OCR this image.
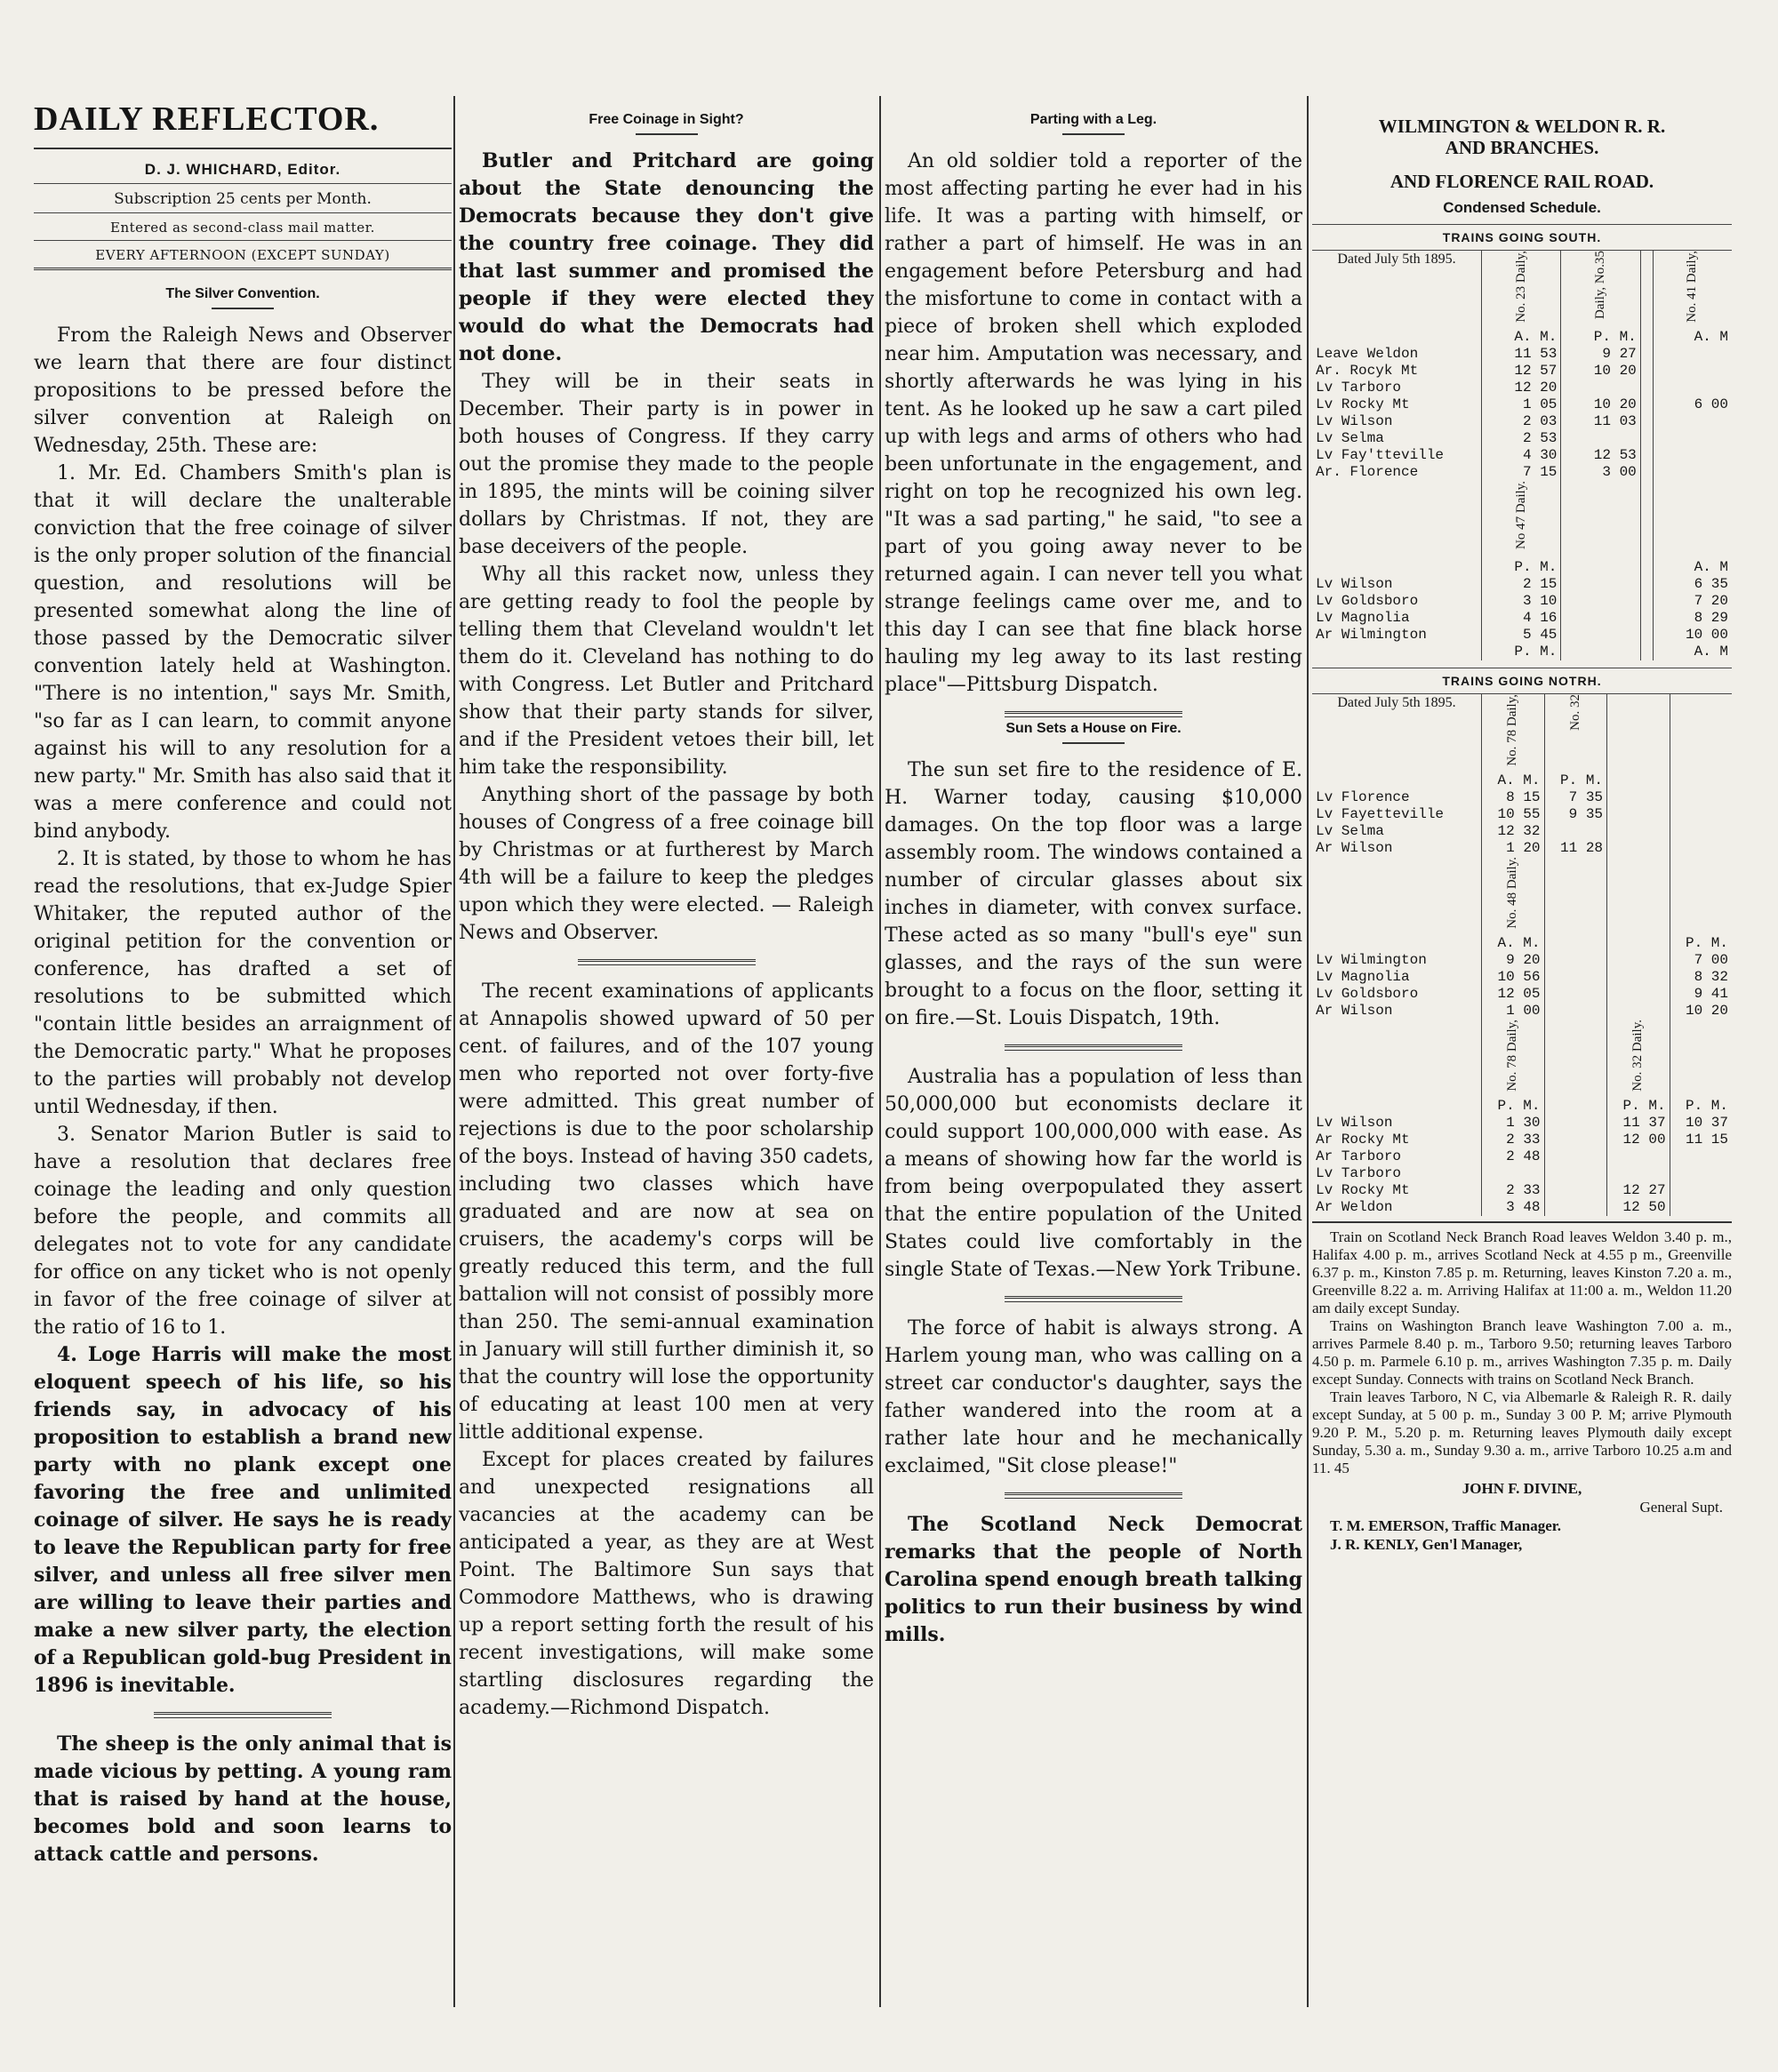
DAILY REFLECTOR.
D. J. WHICHARD, Editor.
Subscription 25 cents per Month.
Entered as second-class mail matter.
EVERY AFTERNOON (EXCEPT SUNDAY)
The Silver Convention.

From the Raleigh News and Observer we learn that there are four distinct propositions to be pressed before the silver convention at Raleigh on Wednesday, 25th. These are:

1. Mr. Ed. Chambers Smith's plan is that it will declare the unalterable conviction that the free coinage of silver is the only proper solution of the financial question, and resolutions will be presented somewhat along the line of those passed by the Democratic silver convention lately held at Washington. "There is no intention," says Mr. Smith, "so far as I can learn, to commit anyone against his will to any resolution for a new party." Mr. Smith has also said that it was a mere conference and could not bind anybody.

2. It is stated, by those to whom he has read the resolutions, that ex-Judge Spier Whitaker, the reputed author of the original petition for the convention or conference, has drafted a set of resolutions to be submitted which "contain little besides an arraignment of the Democratic party." What he proposes to the parties will probably not develop until Wednesday, if then.

3. Senator Marion Butler is said to have a resolution that declares free coinage the leading and only question before the people, and commits all delegates not to vote for any candidate for office on any ticket who is not openly in favor of the free coinage of silver at the ratio of 16 to 1.

4. Loge Harris will make the most eloquent speech of his life, so his friends say, in advocacy of his proposition to establish a brand new party with no plank except one favoring the free and unlimited coinage of silver. He says he is ready to leave the Republican party for free silver, and unless all free silver men are willing to leave their parties and make a new silver party, the election of a Republican gold-bug President in 1896 is inevitable.

The sheep is the only animal that is made vicious by petting. A young ram that is raised by hand at the house, becomes bold and soon learns to attack cattle and persons.

Free Coinage in Sight?

Butler and Pritchard are going about the State denouncing the Democrats because they don't give the country free coinage. They did that last summer and promised the people if they were elected they would do what the Democrats had not done.

They will be in their seats in December. Their party is in power in both houses of Congress. If they carry out the promise they made to the people in 1895, the mints will be coining silver dollars by Christmas. If not, they are base deceivers of the people.

Why all this racket now, unless they are getting ready to fool the people by telling them that Cleveland wouldn't let them do it. Cleveland has nothing to do with Congress. Let Butler and Pritchard show that their party stands for silver, and if the President vetoes their bill, let him take the responsibility.

Anything short of the passage by both houses of Congress of a free coinage bill by Christmas or at furtherest by March 4th will be a failure to keep the pledges upon which they were elected. — Raleigh News and Observer.

The recent examinations of applicants at Annapolis showed upward of 50 per cent. of failures, and of the 107 young men who reported not over forty-five were admitted. This great number of rejections is due to the poor scholarship of the boys. Instead of having 350 cadets, including two classes which have graduated and are now at sea on cruisers, the academy's corps will be greatly reduced this term, and the full battalion will not consist of possibly more than 250. The semi-annual examination in January will still further diminish it, so that the country will lose the opportunity of educating at least 100 men at very little additional expense.

Except for places created by failures and unexpected resignations all vacancies at the academy can be anticipated a year, as they are at West Point. The Baltimore Sun says that Commodore Matthews, who is drawing up a report setting forth the result of his recent investigations, will make some startling disclosures regarding the academy.—Richmond Dispatch.

Parting with a Leg.

An old soldier told a reporter of the most affecting parting he ever had in his life. It was a parting with himself, or rather a part of himself. He was in an engagement before Petersburg and had the misfortune to come in contact with a piece of broken shell which exploded near him. Amputation was necessary, and shortly afterwards he was lying in his tent. As he looked up he saw a cart piled up with legs and arms of others who had been unfortunate in the engagement, and right on top he recognized his own leg. "It was a sad parting," he said, "to see a part of you going away never to be returned again. I can never tell you what strange feelings came over me, and to this day I can see that fine black horse hauling my leg away to its last resting place"—Pittsburg Dispatch.

Sun Sets a House on Fire.

The sun set fire to the residence of E. H. Warner today, causing $10,000 damages. On the top floor was a large assembly room. The windows contained a number of circular glasses about six inches in diameter, with convex surface. These acted as so many "bull's eye" sun glasses, and the rays of the sun were brought to a focus on the floor, setting it on fire.—St. Louis Dispatch, 19th.

Australia has a population of less than 50,000,000 but economists declare it could support 100,000,000 with ease. As a means of showing how far the world is from being overpopulated they assert that the entire population of the United States could live comfortably in the single State of Texas.—New York Tribune.

The force of habit is always strong. A Harlem young man, who was calling on a street car conductor's daughter, says the father wandered into the room at a rather late hour and he mechanically exclaimed, "Sit close please!"

The Scotland Neck Democrat remarks that the people of North Carolina spend enough breath talking politics to run their business by wind mills.

WILMINGTON & WELDON R. R.
AND BRANCHES.
AND FLORENCE RAIL ROAD.
Condensed Schedule.
TRAINS GOING SOUTH.
Dated July 5th 1895.	No. 23 Daily,	Daily, No.35		No. 41 Daily,
	A. M.	P. M.		A. M
Leave Weldon	11 53	9 27		
Ar. Rocyk Mt	12 57	10 20		
Lv Tarboro	12 20			
Lv Rocky Mt	1 05	10 20		6 00
Lv Wilson	2 03	11 03		
Lv Selma	2 53			
Lv Fay'tteville	4 30	12 53		
Ar. Florence	7 15	3 00		
	No 47 Daily.			
	P. M.			A. M
Lv Wilson	2 15			6 35
Lv Goldsboro	3 10			7 20
Lv Magnolia	4 16			8 29
Ar Wilmington	5 45			10 00
	P. M.			A. M
TRAINS GOING NOTRH.
Dated July 5th 1895.	No. 78 Daily,	No. 32		
	A. M.	P. M.		
Lv Florence	8 15	7 35		
Lv Fayetteville	10 55	9 35		
Lv Selma	12 32			
Ar Wilson	1 20	11 28		
	No. 48 Daily.			
	A. M.			P. M.
Lv Wilmington	9 20			7 00
Lv Magnolia	10 56			8 32
Lv Goldsboro	12 05			9 41
Ar Wilson	1 00			10 20
	No. 78 Daily,		No. 32 Daily.	
	P. M.		P. M.	P. M.
Lv Wilson	1 30		11 37	10 37
Ar Rocky Mt	2 33		12 00	11 15
Ar Tarboro	2 48			
Lv Tarboro				
Lv Rocky Mt	2 33		12 27	
Ar Weldon	3 48		12 50	

Train on Scotland Neck Branch Road leaves Weldon 3.40 p. m., Halifax 4.00 p. m., arrives Scotland Neck at 4.55 p m., Greenville 6.37 p. m., Kinston 7.85 p. m. Returning, leaves Kinston 7.20 a. m., Greenville 8.22 a. m. Arriving Halifax at 11:00 a. m., Weldon 11.20 am daily except Sunday.

Trains on Washington Branch leave Washington 7.00 a. m., arrives Parmele 8.40 p. m., Tarboro 9.50; returning leaves Tarboro 4.50 p. m. Parmele 6.10 p. m., arrives Washington 7.35 p. m. Daily except Sunday. Connects with trains on Scotland Neck Branch.

Train leaves Tarboro, N C, via Albemarle & Raleigh R. R. daily except Sunday, at 5 00 p. m., Sunday 3 00 P. M; arrive Plymouth 9.20 P. M., 5.20 p. m. Returning leaves Plymouth daily except Sunday, 5.30 a. m., Sunday 9.30 a. m., arrive Tarboro 10.25 a.m and 11. 45

JOHN F. DIVINE,
General Supt.
T. M. EMERSON, Traffic Manager.
J. R. KENLY, Gen'l Manager,
